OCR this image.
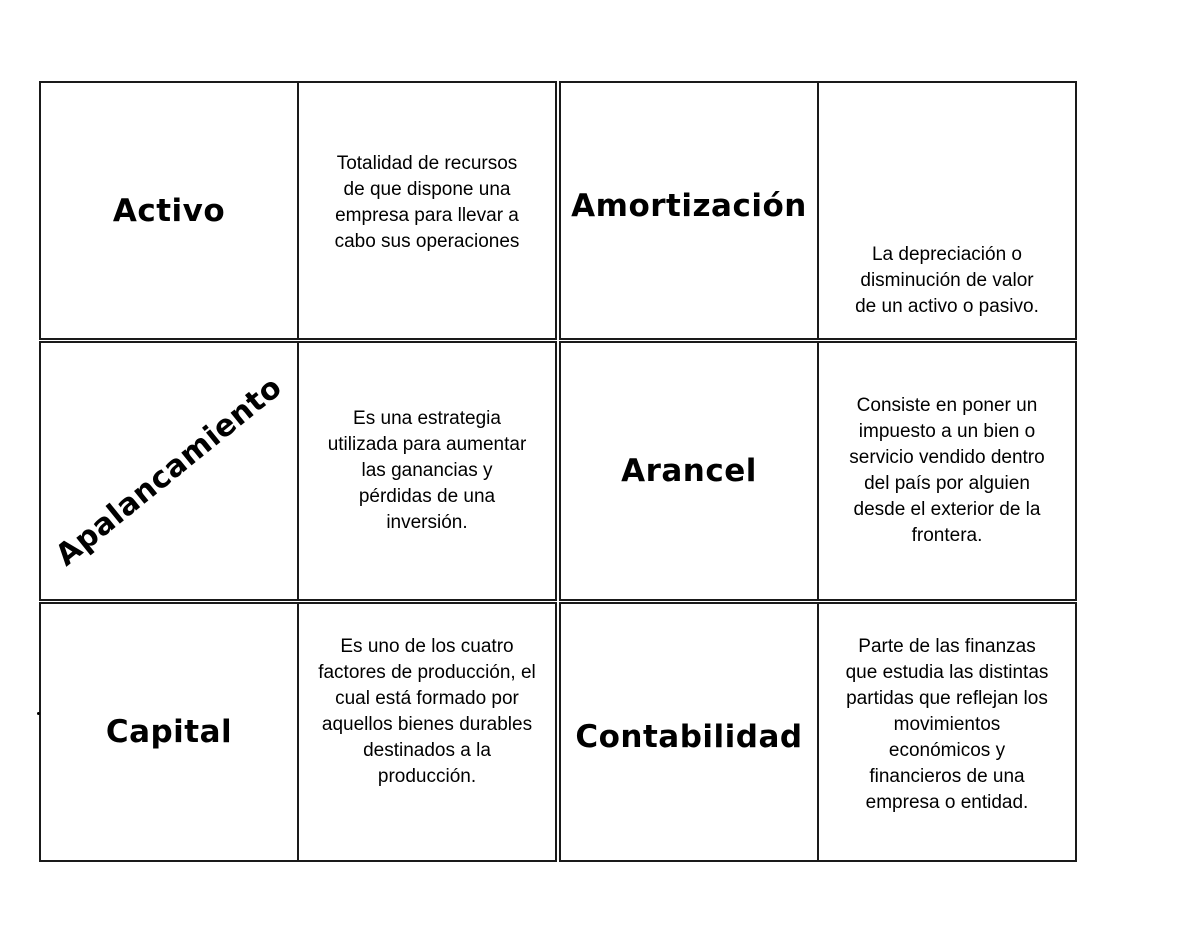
Activo

Totalidad de recursos

de que dispone una

empresa para llevar a

cabo sus operaciones

Amortización

La depreciación o

disminución de valor

de un activo o pasivo.

Apalancamiento	Es una estrategia

utilizada para aumentar

las ganancias y

pérdidas de una

inversión.

Arancel

Consiste en poner un

impuesto a un bien o

servicio vendido dentro

del país por alguien

desde el exterior de la

frontera.

Capital

Es uno de los cuatro

factores de producción, el

cual está formado por

aquellos bienes durables

destinados a la

producción.

Contabilidad

Parte de las finanzas

que estudia las distintas

partidas que reflejan los

movimientos

económicos y

financieros de una

empresa o entidad.
